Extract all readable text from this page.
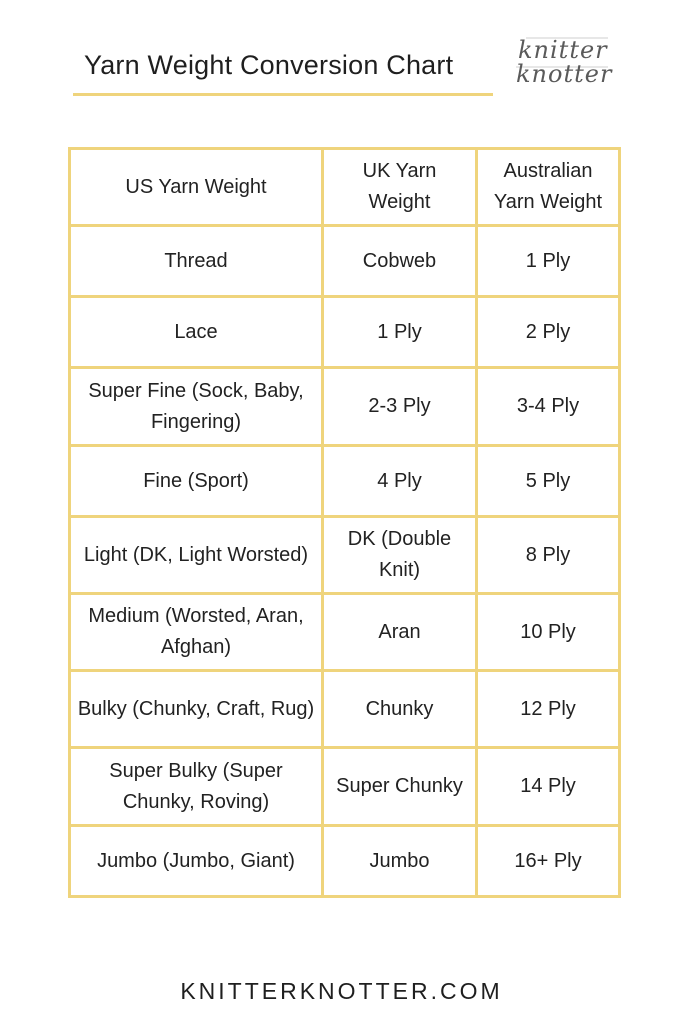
Yarn Weight Conversion Chart	knitter
knotter
US Yarn Weight	UK Yarn Weight	Australian Yarn Weight
Thread	Cobweb	1 Ply
Lace	1 Ply	2 Ply
Super Fine (Sock, Baby, Fingering)	2-3 Ply	3-4 Ply
Fine (Sport)	4 Ply	5 Ply
Light (DK, Light Worsted)	DK (Double Knit)	8 Ply
Medium (Worsted, Aran, Afghan)	Aran	10 Ply
Bulky (Chunky, Craft, Rug)	Chunky	12 Ply
Super Bulky (Super Chunky, Roving)	Super Chunky	14 Ply
Jumbo (Jumbo, Giant)	Jumbo	16+ Ply
KNITTERKNOTTER.COM
